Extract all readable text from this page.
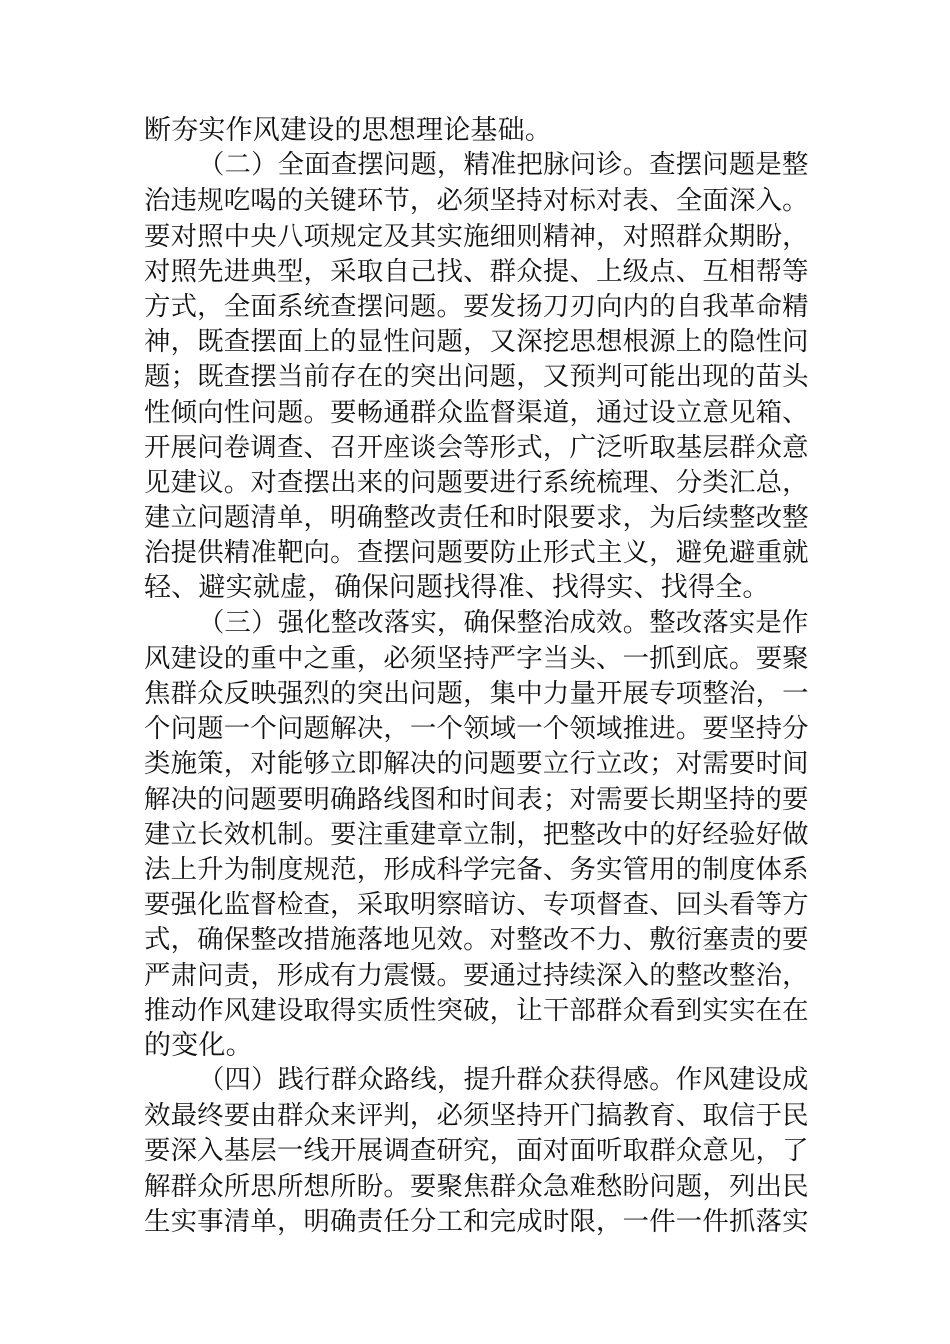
断夯实作风建设的思想理论基础。
（二）全面查摆问题，精准把脉问诊。查摆问题是整
治违规吃喝的关键环节，必须坚持对标对表、全面深入。
要对照中央八项规定及其实施细则精神，对照群众期盼，
对照先进典型，采取自己找、群众提、上级点、互相帮等
方式，全面系统查摆问题。要发扬刀刃向内的自我革命精
神，既查摆面上的显性问题，又深挖思想根源上的隐性问
题；既查摆当前存在的突出问题，又预判可能出现的苗头
性倾向性问题。要畅通群众监督渠道，通过设立意见箱、
开展问卷调查、召开座谈会等形式，广泛听取基层群众意
见建议。对查摆出来的问题要进行系统梳理、分类汇总，
建立问题清单，明确整改责任和时限要求，为后续整改整
治提供精准靶向。查摆问题要防止形式主义，避免避重就
轻、避实就虚，确保问题找得准、找得实、找得全。
（三）强化整改落实，确保整治成效。整改落实是作
风建设的重中之重，必须坚持严字当头、一抓到底。要聚
焦群众反映强烈的突出问题，集中力量开展专项整治，一
个问题一个问题解决，一个领域一个领域推进。要坚持分
类施策，对能够立即解决的问题要立行立改；对需要时间
解决的问题要明确路线图和时间表；对需要长期坚持的要
建立长效机制。要注重建章立制，把整改中的好经验好做
法上升为制度规范，形成科学完备、务实管用的制度体系
要强化监督检查，采取明察暗访、专项督查、回头看等方
式，确保整改措施落地见效。对整改不力、敷衍塞责的要
严肃问责，形成有力震慑。要通过持续深入的整改整治，
推动作风建设取得实质性突破，让干部群众看到实实在在
的变化。
（四）践行群众路线，提升群众获得感。作风建设成
效最终要由群众来评判，必须坚持开门搞教育、取信于民
要深入基层一线开展调查研究，面对面听取群众意见，了
解群众所思所想所盼。要聚焦群众急难愁盼问题，列出民
生实事清单，明确责任分工和完成时限，一件一件抓落实
